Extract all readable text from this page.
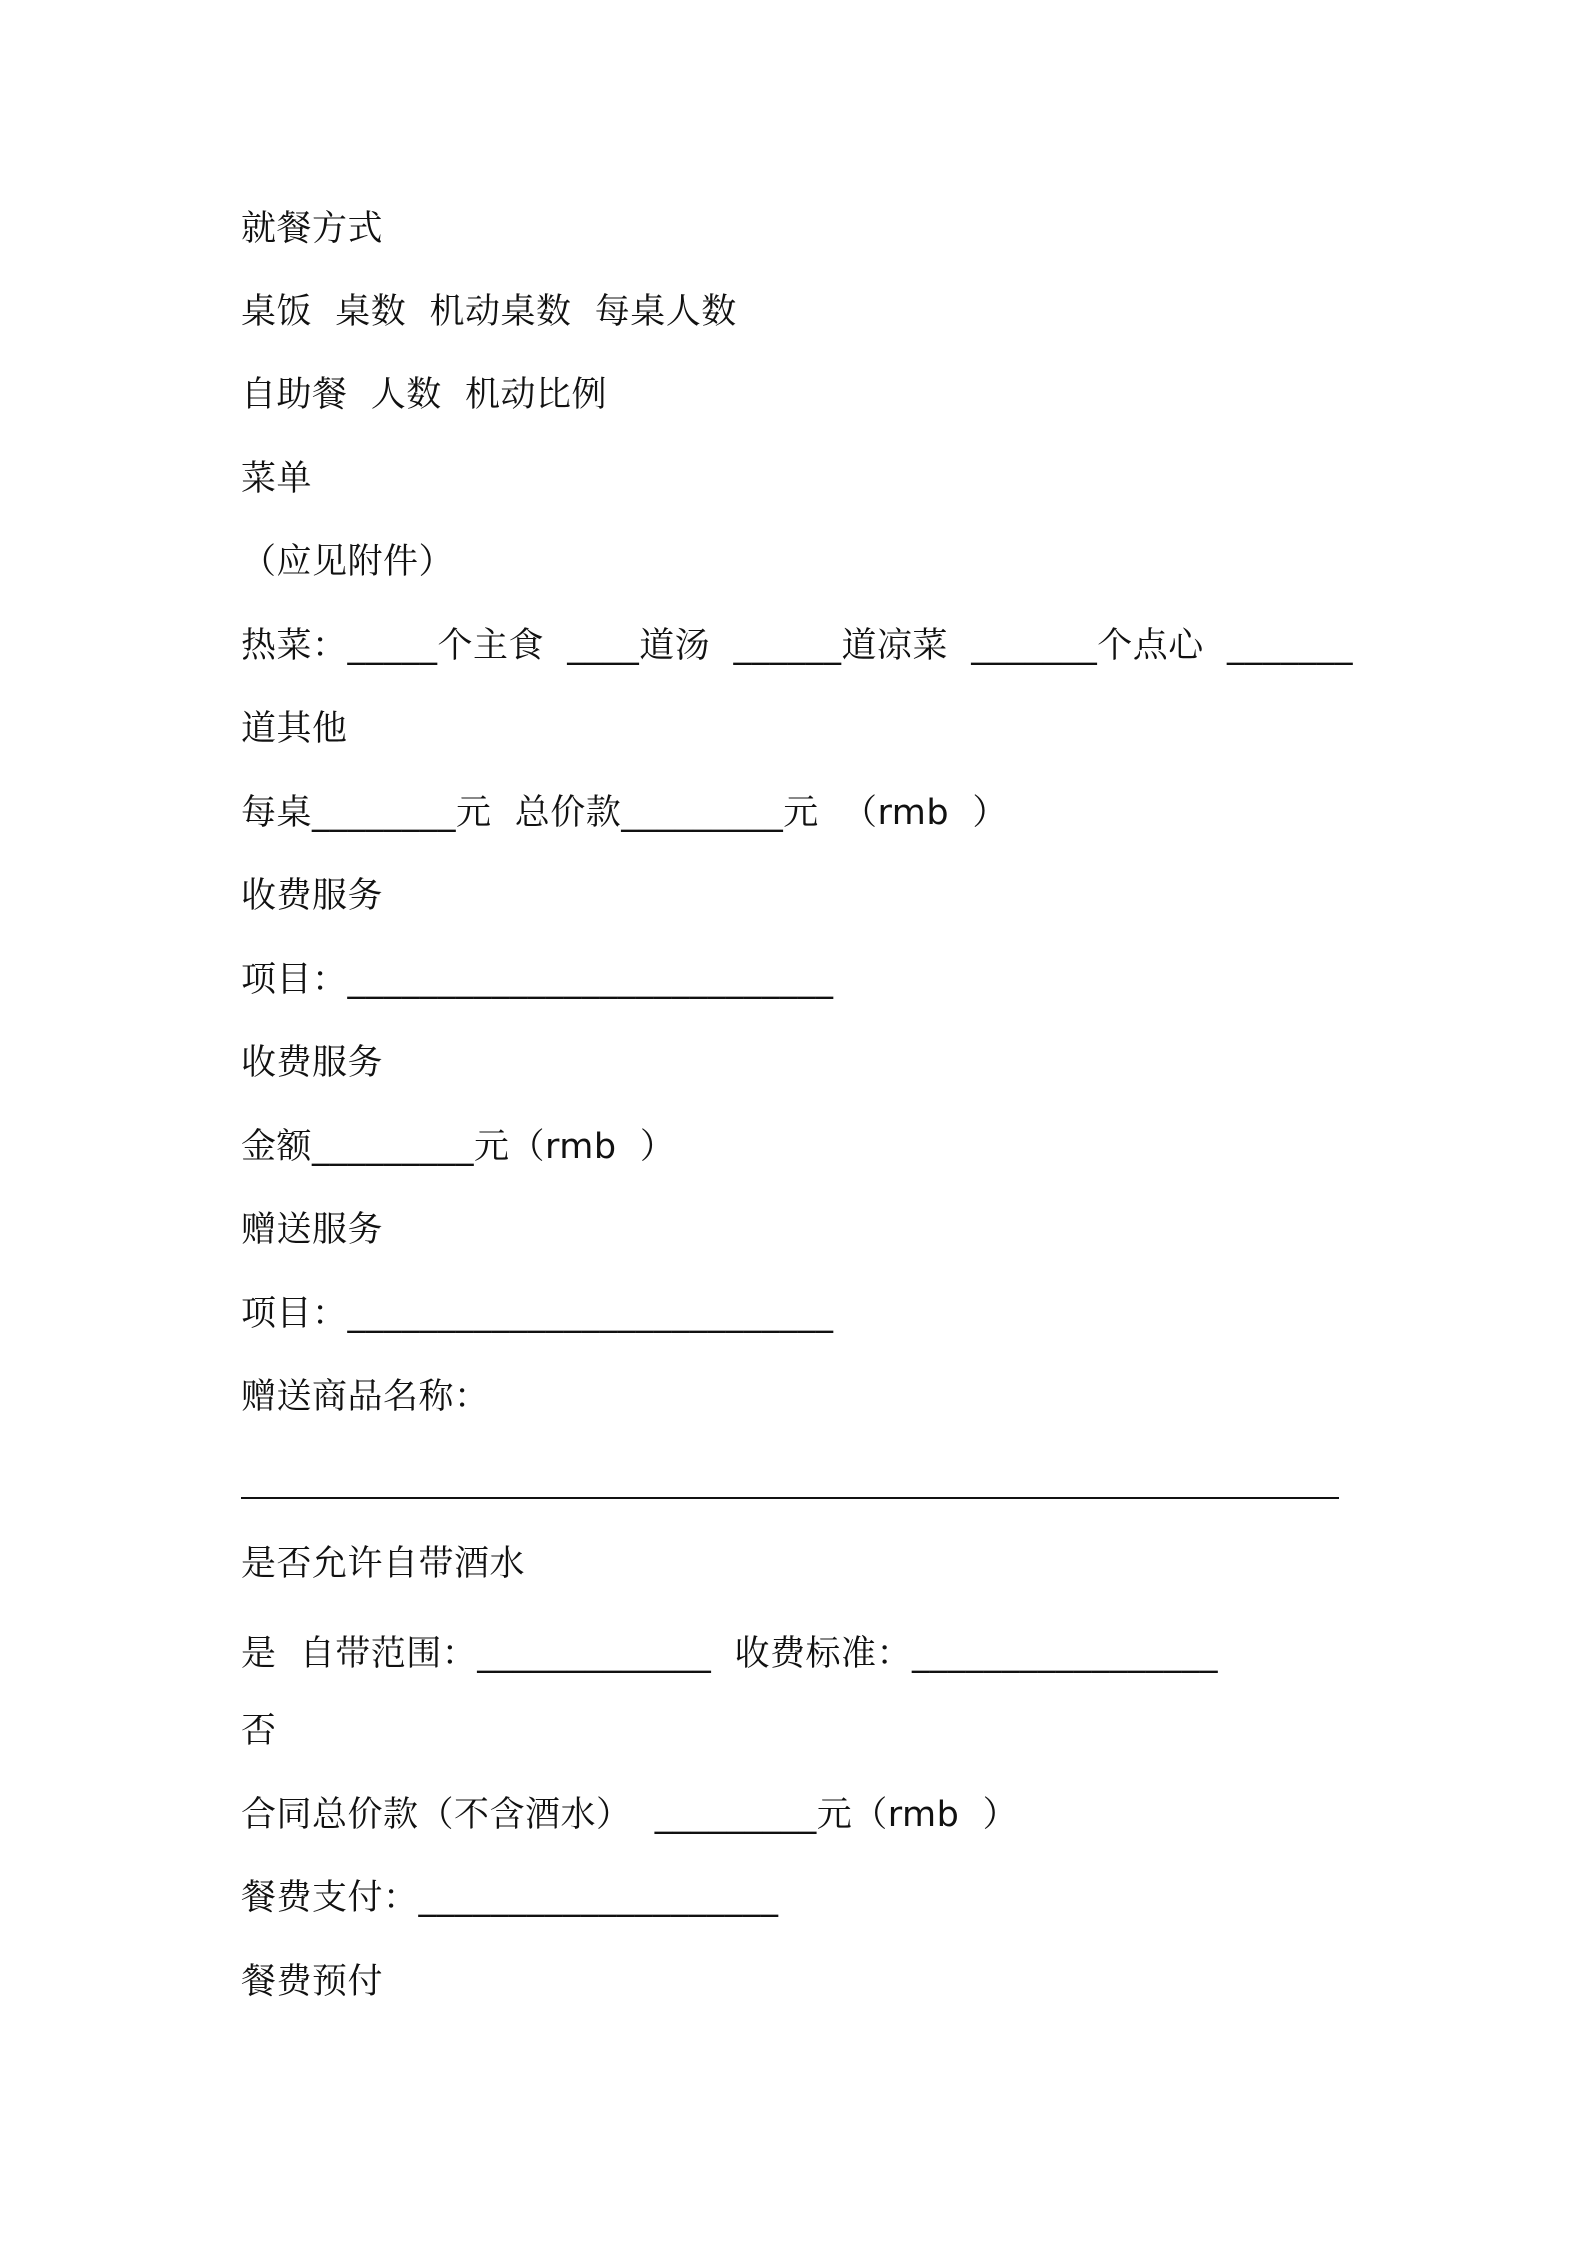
就餐方式
桌饭  桌数  机动桌数  每桌人数
自助餐  人数  机动比例
菜单
（应见附件）
热菜：_____个主食  ____道汤  ______道凉菜  _______个点心  _______
道其他
每桌________元  总价款_________元  （rmb  ）
收费服务
项目：___________________________
收费服务
金额_________元（rmb  ）
赠送服务
项目：___________________________
赠送商品名称：
是否允许自带酒水
是  自带范围：_____________  收费标准：_________________
否
合同总价款（不含酒水）  _________元（rmb  ）
餐费支付：____________________
餐费预付
